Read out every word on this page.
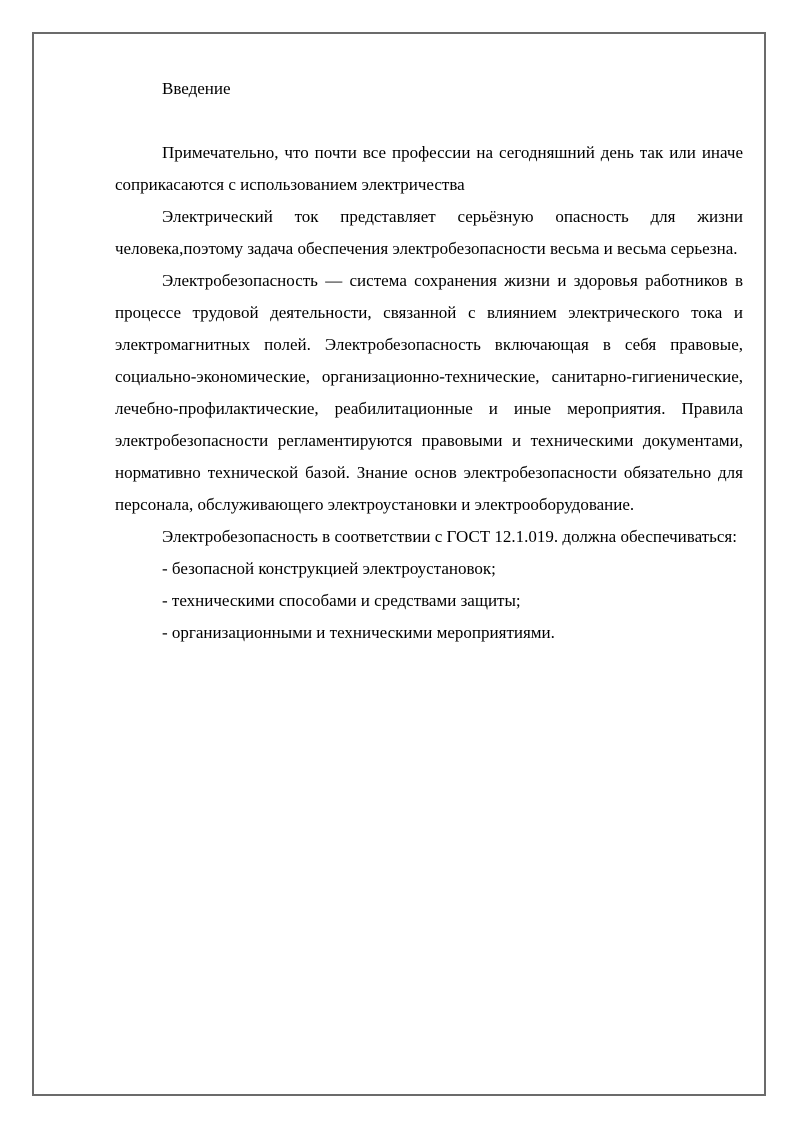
Введение

Примечательно, что почти все профессии на сегодняшний день так или иначе соприкасаются с использованием электричества

Электрический ток представляет серьёзную опасность для жизни человека,поэтому задача обеспечения электробезопасности весьма и весьма серьезна.

Электробезопасность — система сохранения жизни и здоровья работников в процессе трудовой деятельности, связанной с влиянием электрического тока и электромагнитных полей. Электробезопасность включающая в себя правовые, социально-экономические, организационно-технические, санитарно-гигиенические, лечебно-профилактические, реабилитационные и иные мероприятия. Правила электробезопасности регламентируются правовыми и техническими документами, нормативно технической базой. Знание основ электробезопасности обязательно для персонала, обслуживающего электроустановки и электрооборудование.

Электробезопасность в соответствии с ГОСТ 12.1.019. должна обеспечиваться:

- безопасной конструкцией электроустановок;

- техническими способами и средствами защиты;

- организационными и техническими мероприятиями.
